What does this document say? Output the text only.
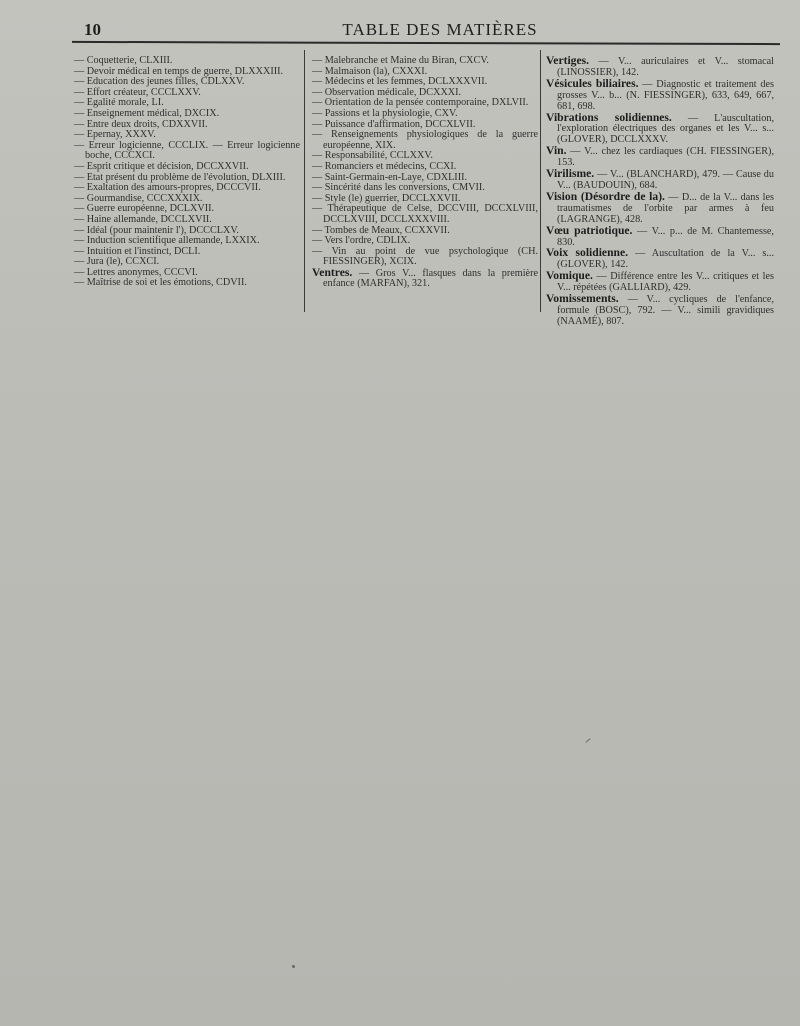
10	TABLE DES MATIÈRES

— Coquetterie, CLXIII.

— Devoir médical en temps de guerre, DLXXXIII.

— Education des jeunes filles, CDLXXV.

— Effort créateur, CCCLXXV.

— Egalité morale, LI.

— Enseignement médical, DXCIX.

— Entre deux droits, CDXXVII.

— Epernay, XXXV.

— Erreur logicienne, CCCLIX. — Erreur logicienne boche, CCCXCI.

— Esprit critique et décision, DCCXXVII.

— Etat présent du problème de l'évolution, DLXIII.

— Exaltation des amours-propres, DCCCVII.

— Gourmandise, CCCXXXIX.

— Guerre européenne, DCLXVII.

— Haine allemande, DCCLXVII.

— Idéal (pour maintenir l'), DCCCLXV.

— Induction scientifique allemande, LXXIX.

— Intuition et l'instinct, DCLI.

— Jura (le), CCXCI.

— Lettres anonymes, CCCVI.

— Maîtrise de soi et les émotions, CDVII.

— Malebranche et Maine du Biran, CXCV.

— Malmaison (la), CXXXI.

— Médecins et les femmes, DCLXXXVII.

— Observation médicale, DCXXXI.

— Orientation de la pensée contemporaine, DXLVII.

— Passions et la physiologie, CXV.

— Puissance d'affirmation, DCCXLVII.

— Renseignements physiologiques de la guerre européenne, XIX.

— Responsabilité, CCLXXV.

— Romanciers et médecins, CCXI.

— Saint-Germain-en-Laye, CDXLIII.

— Sincérité dans les conversions, CMVII.

— Style (le) guerrier, DCCLXXVII.

— Thérapeutique de Celse, DCCVIII, DCCXLVIII, DCCLXVIII, DCCLXXXVIII.

— Tombes de Meaux, CCXXVII.

— Vers l'ordre, CDLIX.

— Vin au point de vue psychologique (CH. FIESSINGER), XCIX.

Ventres. — Gros V... flasques dans la première enfance (MARFAN), 321.

Vertiges. — V... auriculaires et V... stomacal (LINOSSIER), 142.

Vésicules biliaires. — Diagnostic et traitement des grosses V... b... (N. FIESSINGER), 633, 649, 667, 681, 698.

Vibrations solidiennes. — L'auscultation, l'exploration électriques des organes et les V... s... (GLOVER), DCCLXXXV.

Vin. — V... chez les cardiaques (CH. FIESSINGER), 153.

Virilisme. — V... (BLANCHARD), 479. — Cause du V... (BAUDOUIN), 684.

Vision (Désordre de la). — D... de la V... dans les traumatismes de l'orbite par armes à feu (LAGRANGE), 428.

Vœu patriotique. — V... p... de M. Chantemesse, 830.

Voix solidienne. — Auscultation de la V... s... (GLOVER), 142.

Vomique. — Différence entre les V... critiques et les V... répétées (GALLIARD), 429.

Vomissements. — V... cycliques de l'enfance, formule (BOSC), 792. — V... simili gravidiques (NAAMÉ), 807.
